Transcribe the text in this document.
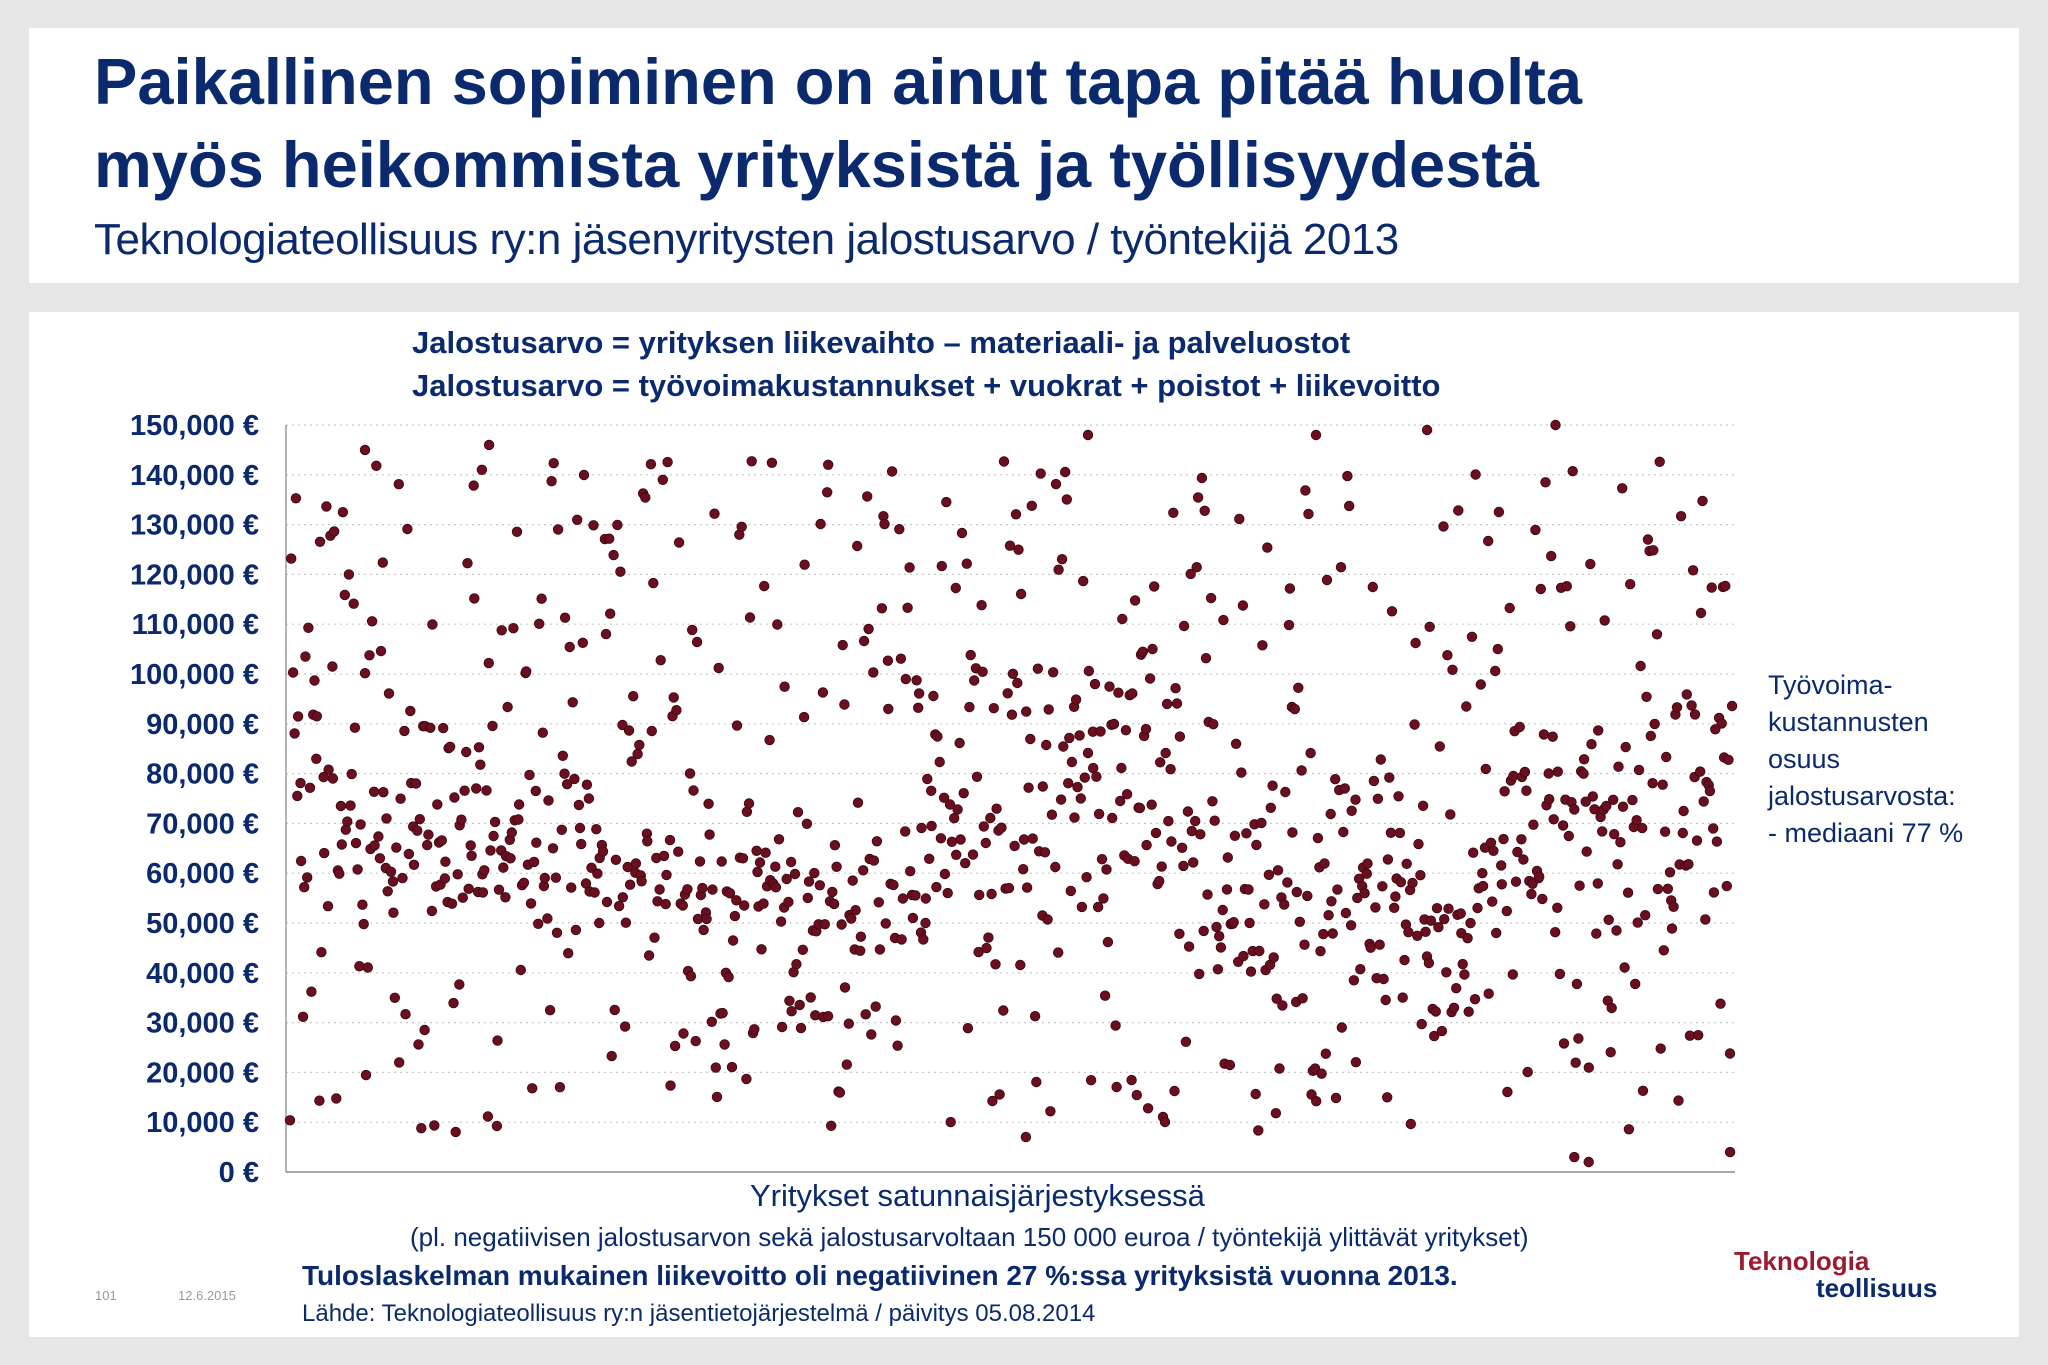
Paikallinen sopiminen on ainut tapa pitää huolta
myös heikommista yrityksistä ja työllisyydestä
Teknologiateollisuus ry:n jäsenyritysten jalostusarvo / työntekijä 2013
Jalostusarvo = yrityksen liikevaihto – materiaali- ja palveluostot
Jalostusarvo = työvoimakustannukset + vuokrat + poistot + liikevoitto
0 €
10,000 €
20,000 €
30,000 €
40,000 €
50,000 €
60,000 €
70,000 €
80,000 €
90,000 €
100,000 €
110,000 €
120,000 €
130,000 €
140,000 €
150,000 €
Työvoima-
kustannusten
osuus
jalostusarvosta:
- mediaani 77 %
Yritykset satunnaisjärjestyksessä
(pl. negatiivisen jalostusarvon sekä jalostusarvoltaan 150 000 euroa / työntekijä ylittävät yritykset)
Tuloslaskelman mukainen liikevoitto oli negatiivinen 27 %:ssa yrityksistä vuonna 2013.
Lähde: Teknologiateollisuus ry:n jäsentietojärjestelmä / päivitys 05.08.2014
101	12.6.2015
Teknologia
teollisuus
